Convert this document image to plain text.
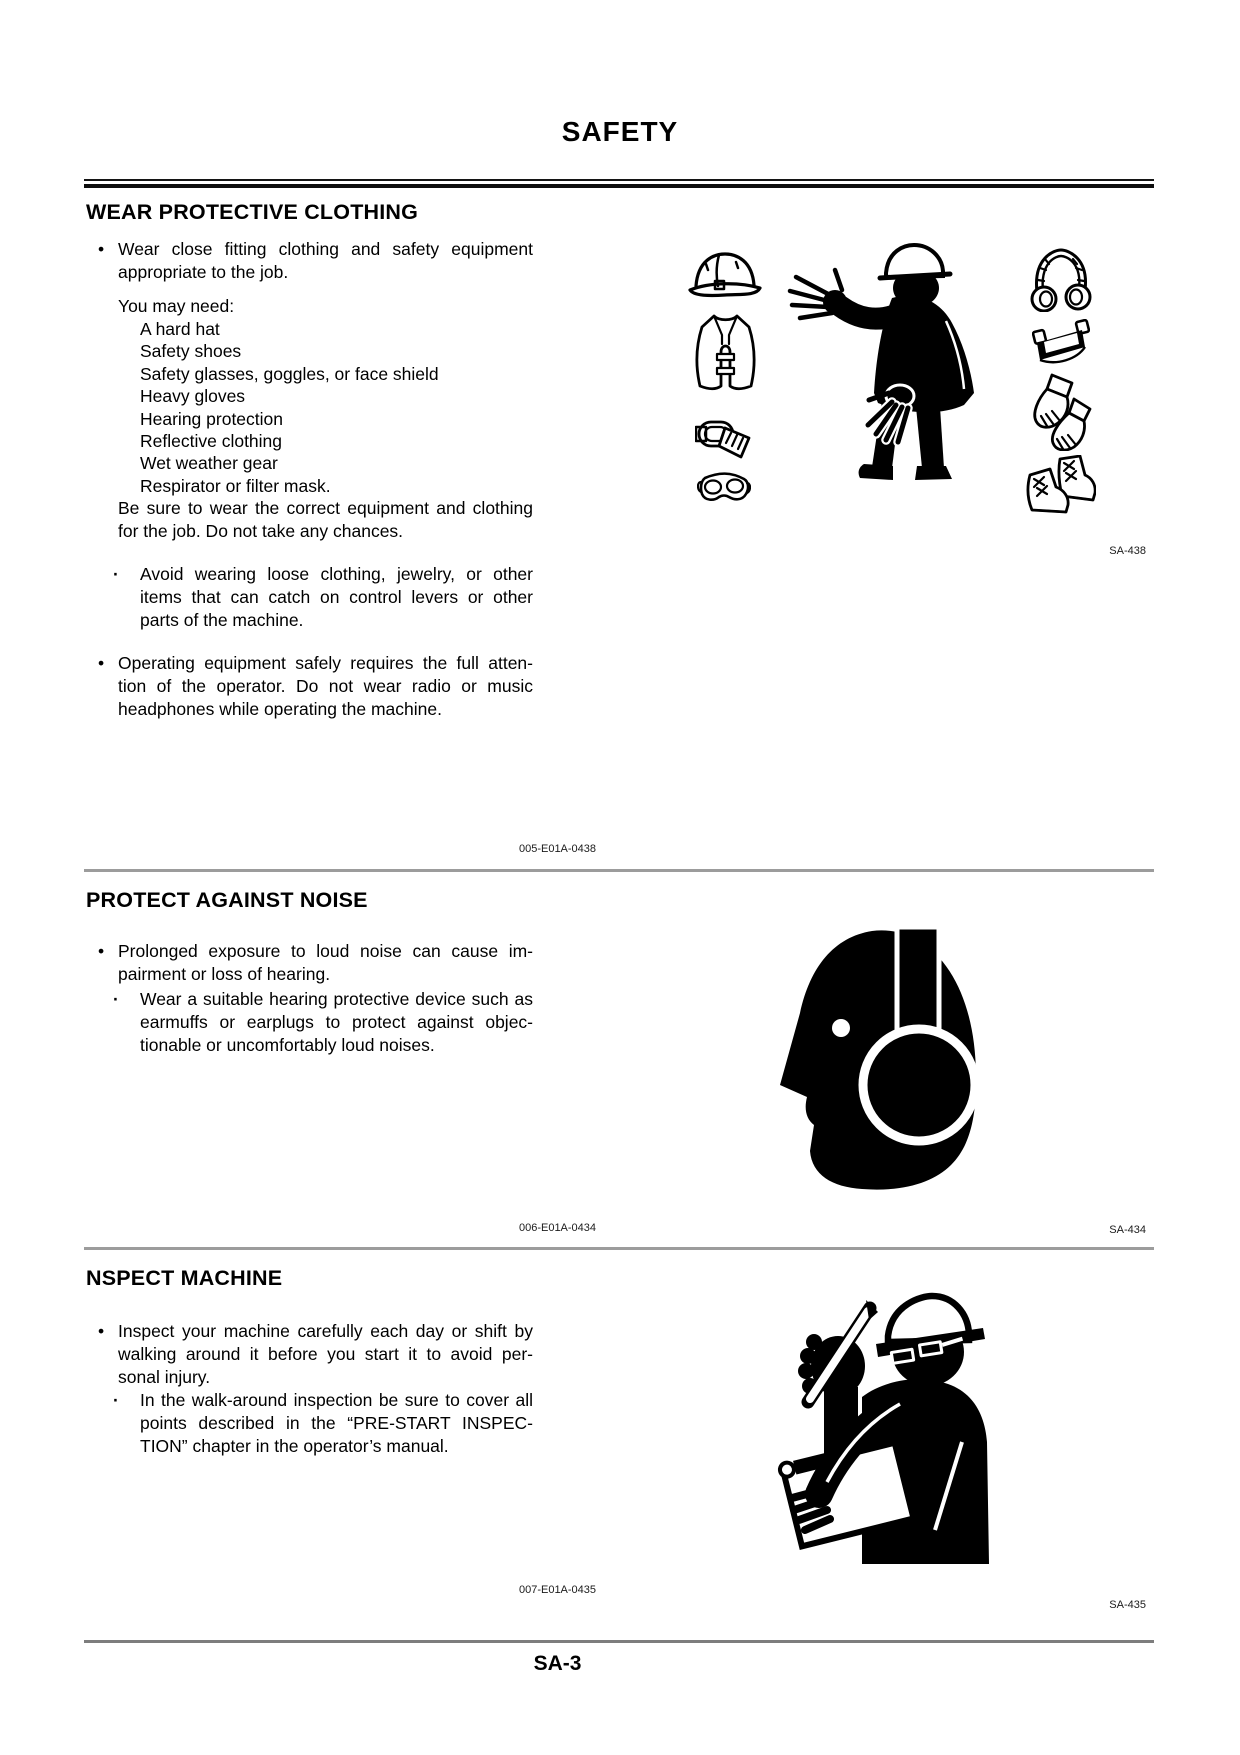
SAFETY
WEAR PROTECTIVE CLOTHING
• Wear close fitting clothing and safety equipment
appropriate to the job.
You may need:
A hard hat
Safety shoes
Safety glasses, goggles, or face shield
Heavy gloves
Hearing protection
Reflective clothing
Wet weather gear
Respirator or filter mask.
Be sure to wear the correct equipment and clothing
for the job. Do not take any chances.
· Avoid wearing loose clothing, jewelry, or other
items that can catch on control levers or other
parts of the machine.
• Operating equipment safely requires the full atten-
tion of the operator. Do not wear radio or music
headphones while operating the machine.
005-E01A-0438
SA-438
PROTECT AGAINST NOISE
• Prolonged exposure to loud noise can cause im-
pairment or loss of hearing.
· Wear a suitable hearing protective device such as
earmuffs or earplugs to protect against objec-
tionable or uncomfortably loud noises.
006-E01A-0434	SA-434
NSPECT MACHINE
• Inspect your machine carefully each day or shift by
walking around it before you start it to avoid per-
sonal injury.
· In the walk-around inspection be sure to cover all
points described in the “PRE-START INSPEC-
TION” chapter in the operator’s manual.
007-E01A-0435
SA-435
SA-3
